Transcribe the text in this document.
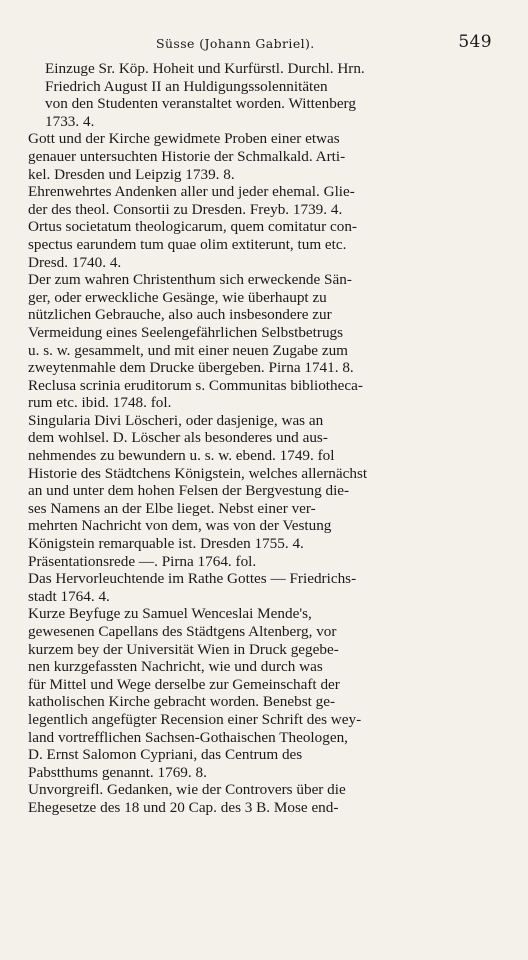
Süsse (Johann Gabriel).	549

Einzuge Sr. Köp. Hoheit und Kurfürstl. Durchl. Hrn.
Friedrich August II an Huldigungssolennitäten
von den Studenten veranstaltet worden. Wittenberg
1733. 4.

Gott und der Kirche gewidmete Proben einer etwas
genauer untersuchten Historie der Schmalkald. Arti-
kel. Dresden und Leipzig 1739. 8.

Ehrenwehrtes Andenken aller und jeder ehemal. Glie-
der des theol. Consortii zu Dresden. Freyb. 1739. 4.

Ortus societatum theologicarum, quem comitatur con-
spectus earundem tum quae olim extiterunt, tum etc.
Dresd. 1740. 4.

Der zum wahren Christenthum sich erweckende Sän-
ger, oder erweckliche Gesänge, wie überhaupt zu
nützlichen Gebrauche, also auch insbesondere zur
Vermeidung eines Seelengefährlichen Selbstbetrugs
u. s. w. gesammelt, und mit einer neuen Zugabe zum
zweytenmahle dem Drucke übergeben. Pirna 1741. 8.

Reclusa scrinia eruditorum s. Communitas bibliotheca-
rum etc. ibid. 1748. fol.

Singularia Divi Löscheri, oder dasjenige, was an
dem wohlsel. D. Löscher als besonderes und aus-
nehmendes zu bewundern u. s. w. ebend. 1749. fol

Historie des Städtchens Königstein, welches allernächst
an und unter dem hohen Felsen der Bergvestung die-
ses Namens an der Elbe lieget. Nebst einer ver-
mehrten Nachricht von dem, was von der Vestung
Königstein remarquable ist. Dresden 1755. 4.

Präsentationsrede —. Pirna 1764. fol.

Das Hervorleuchtende im Rathe Gottes — Friedrichs-
stadt 1764. 4.

Kurze Beyfuge zu Samuel Wenceslai Mende's,
gewesenen Capellans des Städtgens Altenberg, vor
kurzem bey der Universität Wien in Druck gegebe-
nen kurzgefassten Nachricht, wie und durch was
für Mittel und Wege derselbe zur Gemeinschaft der
katholischen Kirche gebracht worden. Benebst ge-
legentlich angefügter Recension einer Schrift des wey-
land vortrefflichen Sachsen-Gothaischen Theologen,
D. Ernst Salomon Cypriani, das Centrum des
Pabstthums genannt. 1769. 8.

Unvorgreifl. Gedanken, wie der Controvers über die
Ehegesetze des 18 und 20 Cap. des 3 B. Mose end-
